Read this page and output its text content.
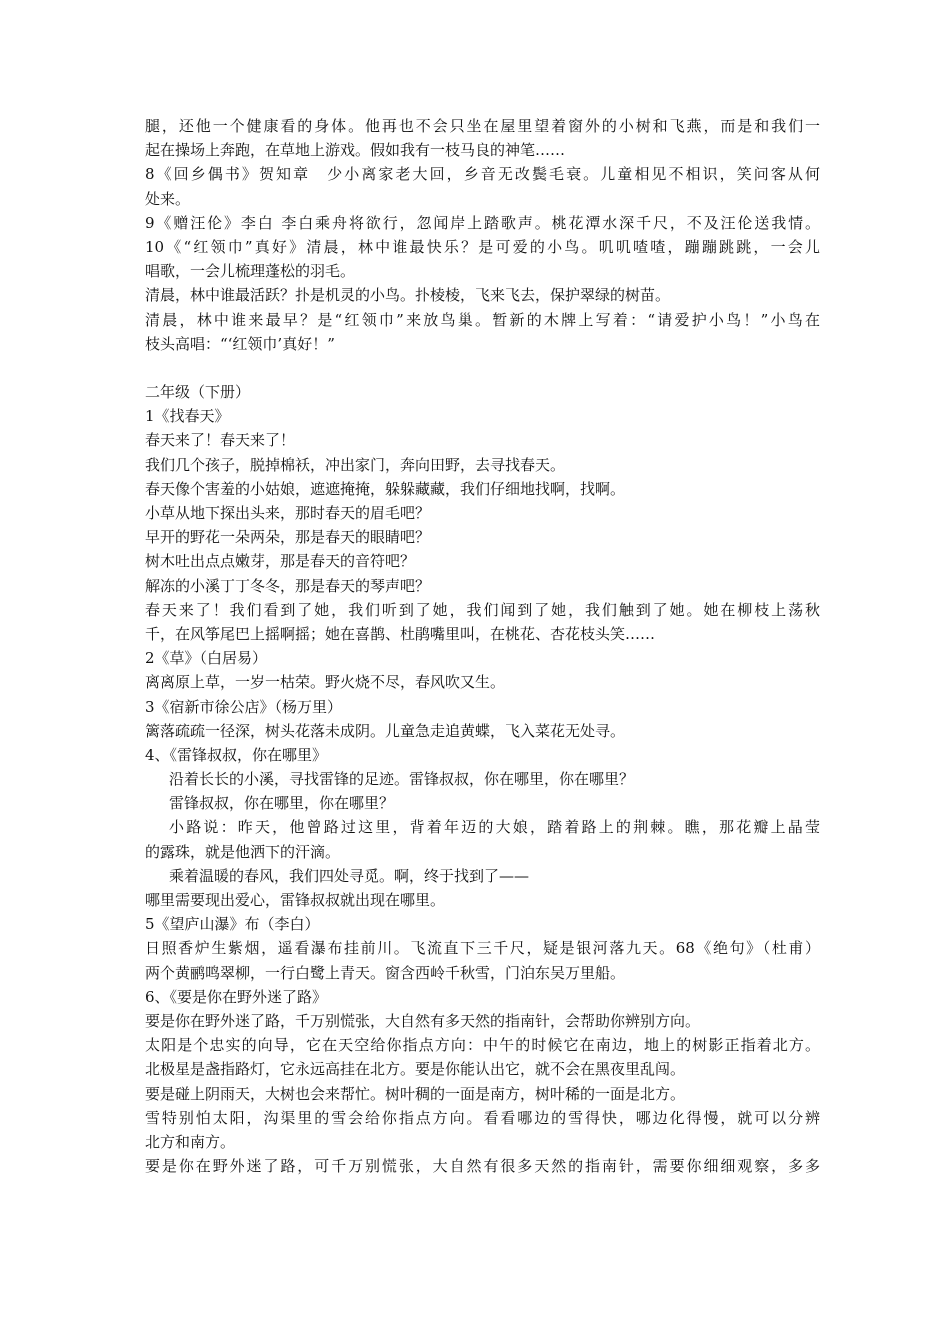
腿，还他一个健康看的身体。他再也不会只坐在屋里望着窗外的小树和飞燕，而是和我们一
起在操场上奔跑，在草地上游戏。假如我有一枝马良的神笔……
8《回乡偶书》贺知章　少小离家老大回，乡音无改鬓毛衰。儿童相见不相识，笑问客从何
处来。
9《赠汪伦》李白 李白乘舟将欲行，忽闻岸上踏歌声。桃花潭水深千尺，不及汪伦送我情。
10《“红领巾”真好》清晨，林中谁最快乐？是可爱的小鸟。叽叽喳喳，蹦蹦跳跳，一会儿
唱歌，一会儿梳理蓬松的羽毛。
清晨，林中谁最活跃？扑是机灵的小鸟。扑棱棱，飞来飞去，保护翠绿的树苗。
清晨，林中谁来最早？是“红领巾”来放鸟巢。暂新的木牌上写着：“请爱护小鸟！”小鸟在
枝头高唱：“‘红领巾’真好！”
二年级（下册）
1《找春天》
春天来了！春天来了！
我们几个孩子，脱掉棉袄，冲出家门，奔向田野，去寻找春天。
春天像个害羞的小姑娘，遮遮掩掩，躲躲藏藏，我们仔细地找啊，找啊。
小草从地下探出头来，那时春天的眉毛吧？
早开的野花一朵两朵，那是春天的眼睛吧？
树木吐出点点嫩芽，那是春天的音符吧？
解冻的小溪丁丁冬冬，那是春天的琴声吧？
春天来了！我们看到了她，我们听到了她，我们闻到了她，我们触到了她。她在柳枝上荡秋
千，在风筝尾巴上摇啊摇；她在喜鹊、杜鹃嘴里叫，在桃花、杏花枝头笑……
2《草》（白居易）
离离原上草，一岁一枯荣。野火烧不尽，春风吹又生。
3《宿新市徐公店》（杨万里）
篱落疏疏一径深，树头花落未成阴。儿童急走追黄蝶，飞入菜花无处寻。
4、《雷锋叔叔，你在哪里》
沿着长长的小溪，寻找雷锋的足迹。雷锋叔叔，你在哪里，你在哪里？
雷锋叔叔，你在哪里，你在哪里？
小路说：昨天，他曾路过这里，背着年迈的大娘，踏着路上的荆棘。瞧，那花瓣上晶莹
的露珠，就是他洒下的汗滴。
乘着温暖的春风，我们四处寻觅。啊，终于找到了——
哪里需要现出爱心，雷锋叔叔就出现在哪里。
5《望庐山瀑》布（李白）
日照香炉生紫烟，遥看瀑布挂前川。飞流直下三千尺，疑是银河落九天。68《绝句》（杜甫）
两个黄鹂鸣翠柳，一行白鹭上青天。窗含西岭千秋雪，门泊东吴万里船。
6、《要是你在野外迷了路》
要是你在野外迷了路，千万别慌张，大自然有多天然的指南针，会帮助你辨别方向。
太阳是个忠实的向导，它在天空给你指点方向：中午的时候它在南边，地上的树影正指着北方。
北极星是盏指路灯，它永远高挂在北方。要是你能认出它，就不会在黑夜里乱闯。
要是碰上阴雨天，大树也会来帮忙。树叶稠的一面是南方，树叶稀的一面是北方。
雪特别怕太阳，沟渠里的雪会给你指点方向。看看哪边的雪得快，哪边化得慢，就可以分辨
北方和南方。
要是你在野外迷了路，可千万别慌张，大自然有很多天然的指南针，需要你细细观察，多多
